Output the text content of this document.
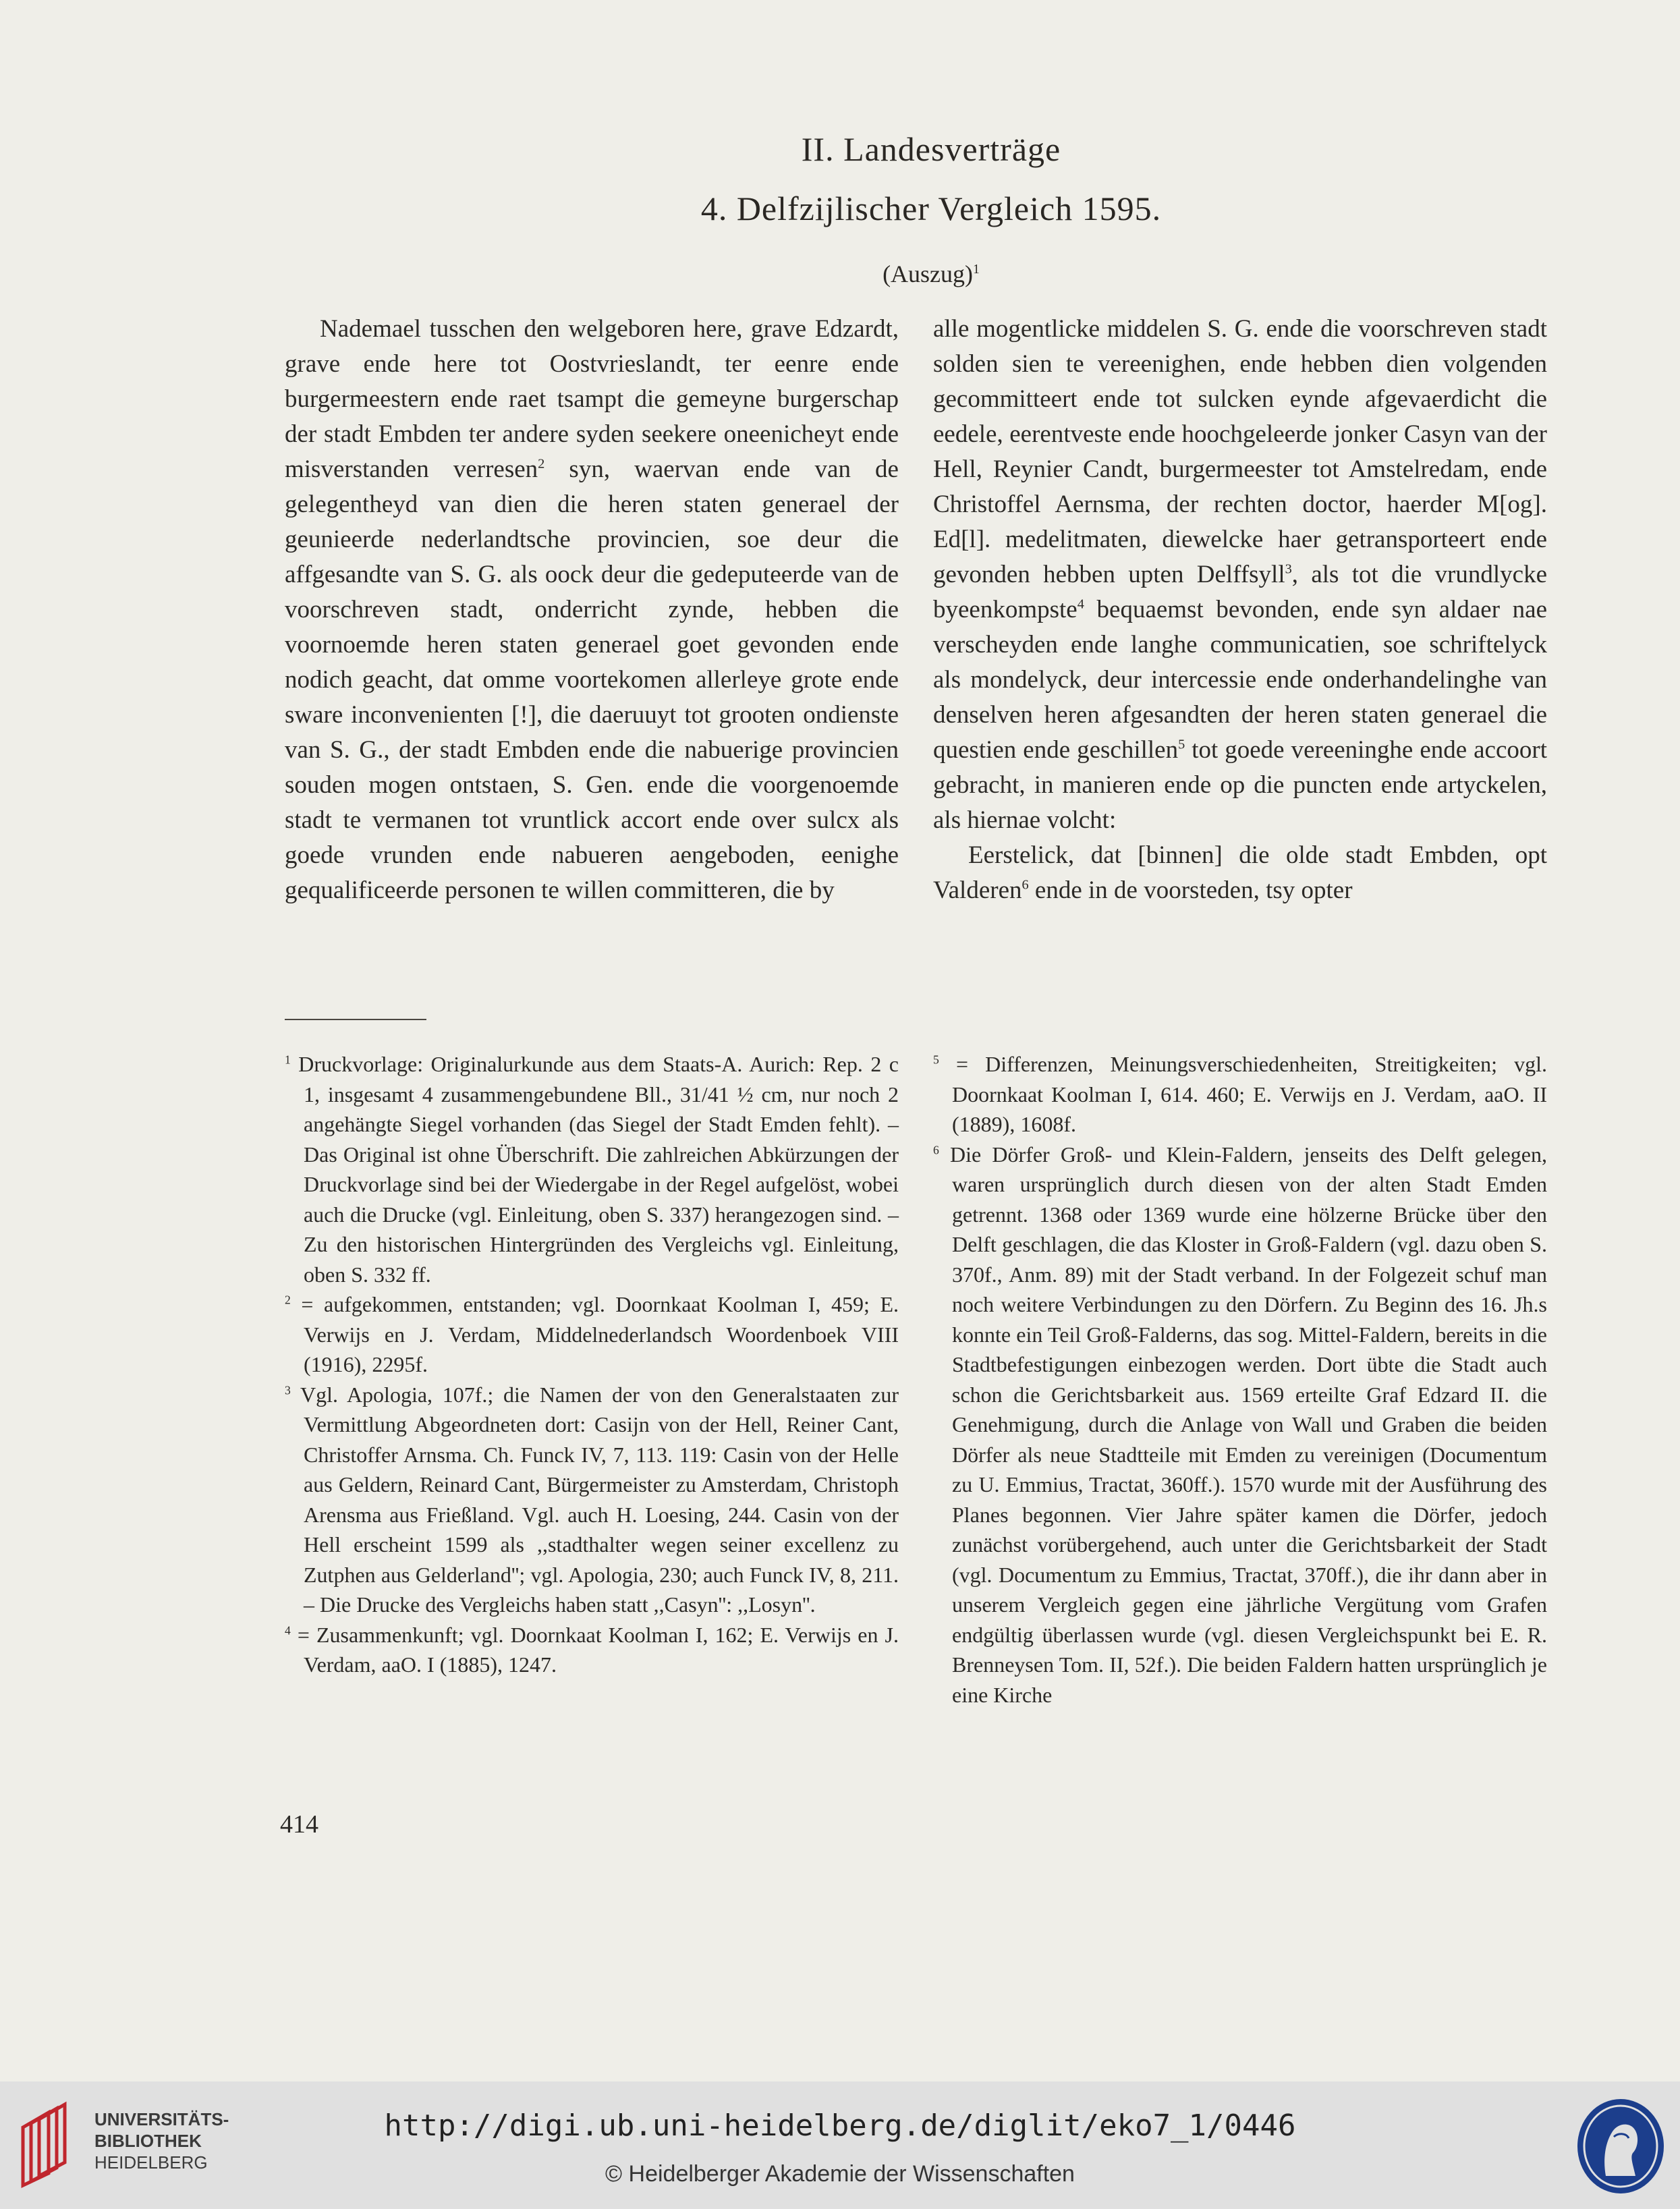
II. Landesverträge
4. Delfzijlischer Vergleich 1595.
(Auszug)$^1$

Nademael tusschen den welgeboren here, grave Edzardt, grave ende here tot Oostvrieslandt, ter eenre ende burgermeestern ende raet tsampt die gemeyne burgerschap der stadt Embden ter andere syden seekere oneenicheyt ende misverstanden verresen$^2$ syn, waervan ende van de gelegentheyd van dien die heren staten generael der geunieerde nederlandtsche provincien, soe deur die affgesandte van S. G. als oock deur die gedeputeerde van de voorschreven stadt, onderricht zynde, hebben die voornoemde heren staten generael goet gevonden ende nodich geacht, dat omme voortekomen allerleye grote ende sware inconvenienten [!], die daeruuyt tot grooten ondienste van S. G., der stadt Embden ende die nabuerige provincien souden mogen ontstaen, S. Gen. ende die voorgenoemde stadt te vermanen tot vruntlick accort ende over sulcx als goede vrunden ende nabueren aengeboden, eenighe gequalificeerde personen te willen committeren, die by

alle mogentlicke middelen S. G. ende die voorschreven stadt solden sien te vereenighen, ende hebben dien volgenden gecommitteert ende tot sulcken eynde afgevaerdicht die eedele, eerentveste ende hoochgeleerde jonker Casyn van der Hell, Reynier Candt, burgermeester tot Amstelredam, ende Christoffel Aernsma, der rechten doctor, haerder M[og]. Ed[l]. medelitmaten, diewelcke haer getransporteert ende gevonden hebben upten Delffsyll$^3$, als tot die vrundlycke byeenkompste$^4$ bequaemst bevonden, ende syn aldaer nae verscheyden ende langhe communicatien, soe schriftelyck als mondelyck, deur intercessie ende onderhandelinghe van denselven heren afgesandten der heren staten generael die questien ende geschillen$^5$ tot goede vereeninghe ende accoort gebracht, in manieren ende op die puncten ende artyckelen, als hiernae volcht:

Eerstelick, dat [binnen] die olde stadt Embden, opt Valderen$^6$ ende in de voorsteden, tsy opter

$^1$ Druckvorlage: Originalurkunde aus dem Staats-A. Aurich: Rep. 2 c 1, insgesamt 4 zusammengebundene Bll., 31/41 ½ cm, nur noch 2 angehängte Siegel vorhanden (das Siegel der Stadt Emden fehlt). – Das Original ist ohne Überschrift. Die zahlreichen Abkürzungen der Druckvorlage sind bei der Wiedergabe in der Regel aufgelöst, wobei auch die Drucke (vgl. Einleitung, oben S. 337) herangezogen sind. – Zu den historischen Hintergründen des Vergleichs vgl. Einleitung, oben S. 332 ff.

$^2$ = aufgekommen, entstanden; vgl. Doornkaat Koolman I, 459; E. Verwijs en J. Verdam, Middelnederlandsch Woordenboek VIII (1916), 2295f.

$^3$ Vgl. Apologia, 107f.; die Namen der von den Generalstaaten zur Vermittlung Abgeordneten dort: Casijn von der Hell, Reiner Cant, Christoffer Arnsma. Ch. Funck IV, 7, 113. 119: Casin von der Helle aus Geldern, Reinard Cant, Bürgermeister zu Amsterdam, Christoph Arensma aus Frießland. Vgl. auch H. Loesing, 244. Casin von der Hell erscheint 1599 als ,,stadthalter wegen seiner excellenz zu Zutphen aus Gelderland''; vgl. Apologia, 230; auch Funck IV, 8, 211. – Die Drucke des Vergleichs haben statt ,,Casyn'': ,,Losyn''.

$^4$ = Zusammenkunft; vgl. Doornkaat Koolman I, 162; E. Verwijs en J. Verdam, aaO. I (1885), 1247.

$^5$ = Differenzen, Meinungsverschiedenheiten, Streitigkeiten; vgl. Doornkaat Koolman I, 614. 460; E. Verwijs en J. Verdam, aaO. II (1889), 1608f.

$^6$ Die Dörfer Groß- und Klein-Faldern, jenseits des Delft gelegen, waren ursprünglich durch diesen von der alten Stadt Emden getrennt. 1368 oder 1369 wurde eine hölzerne Brücke über den Delft geschlagen, die das Kloster in Groß-Faldern (vgl. dazu oben S. 370f., Anm. 89) mit der Stadt verband. In der Folgezeit schuf man noch weitere Verbindungen zu den Dörfern. Zu Beginn des 16. Jh.s konnte ein Teil Groß-Falderns, das sog. Mittel-Faldern, bereits in die Stadtbefestigungen einbezogen werden. Dort übte die Stadt auch schon die Gerichtsbarkeit aus. 1569 erteilte Graf Edzard II. die Genehmigung, durch die Anlage von Wall und Graben die beiden Dörfer als neue Stadtteile mit Emden zu vereinigen (Documentum zu U. Emmius, Tractat, 360ff.). 1570 wurde mit der Ausführung des Planes begonnen. Vier Jahre später kamen die Dörfer, jedoch zunächst vorübergehend, auch unter die Gerichtsbarkeit der Stadt (vgl. Documentum zu Emmius, Tractat, 370ff.), die ihr dann aber in unserem Vergleich gegen eine jährliche Vergütung vom Grafen endgültig überlassen wurde (vgl. diesen Vergleichspunkt bei E. R. Brenneysen Tom. II, 52f.). Die beiden Faldern hatten ursprünglich je eine Kirche

414
UNIVERSITÄTS-
BIBLIOTHEK
HEIDELBERG
http://digi.ub.uni-heidelberg.de/diglit/eko7_1/0446
© Heidelberger Akademie der Wissenschaften
